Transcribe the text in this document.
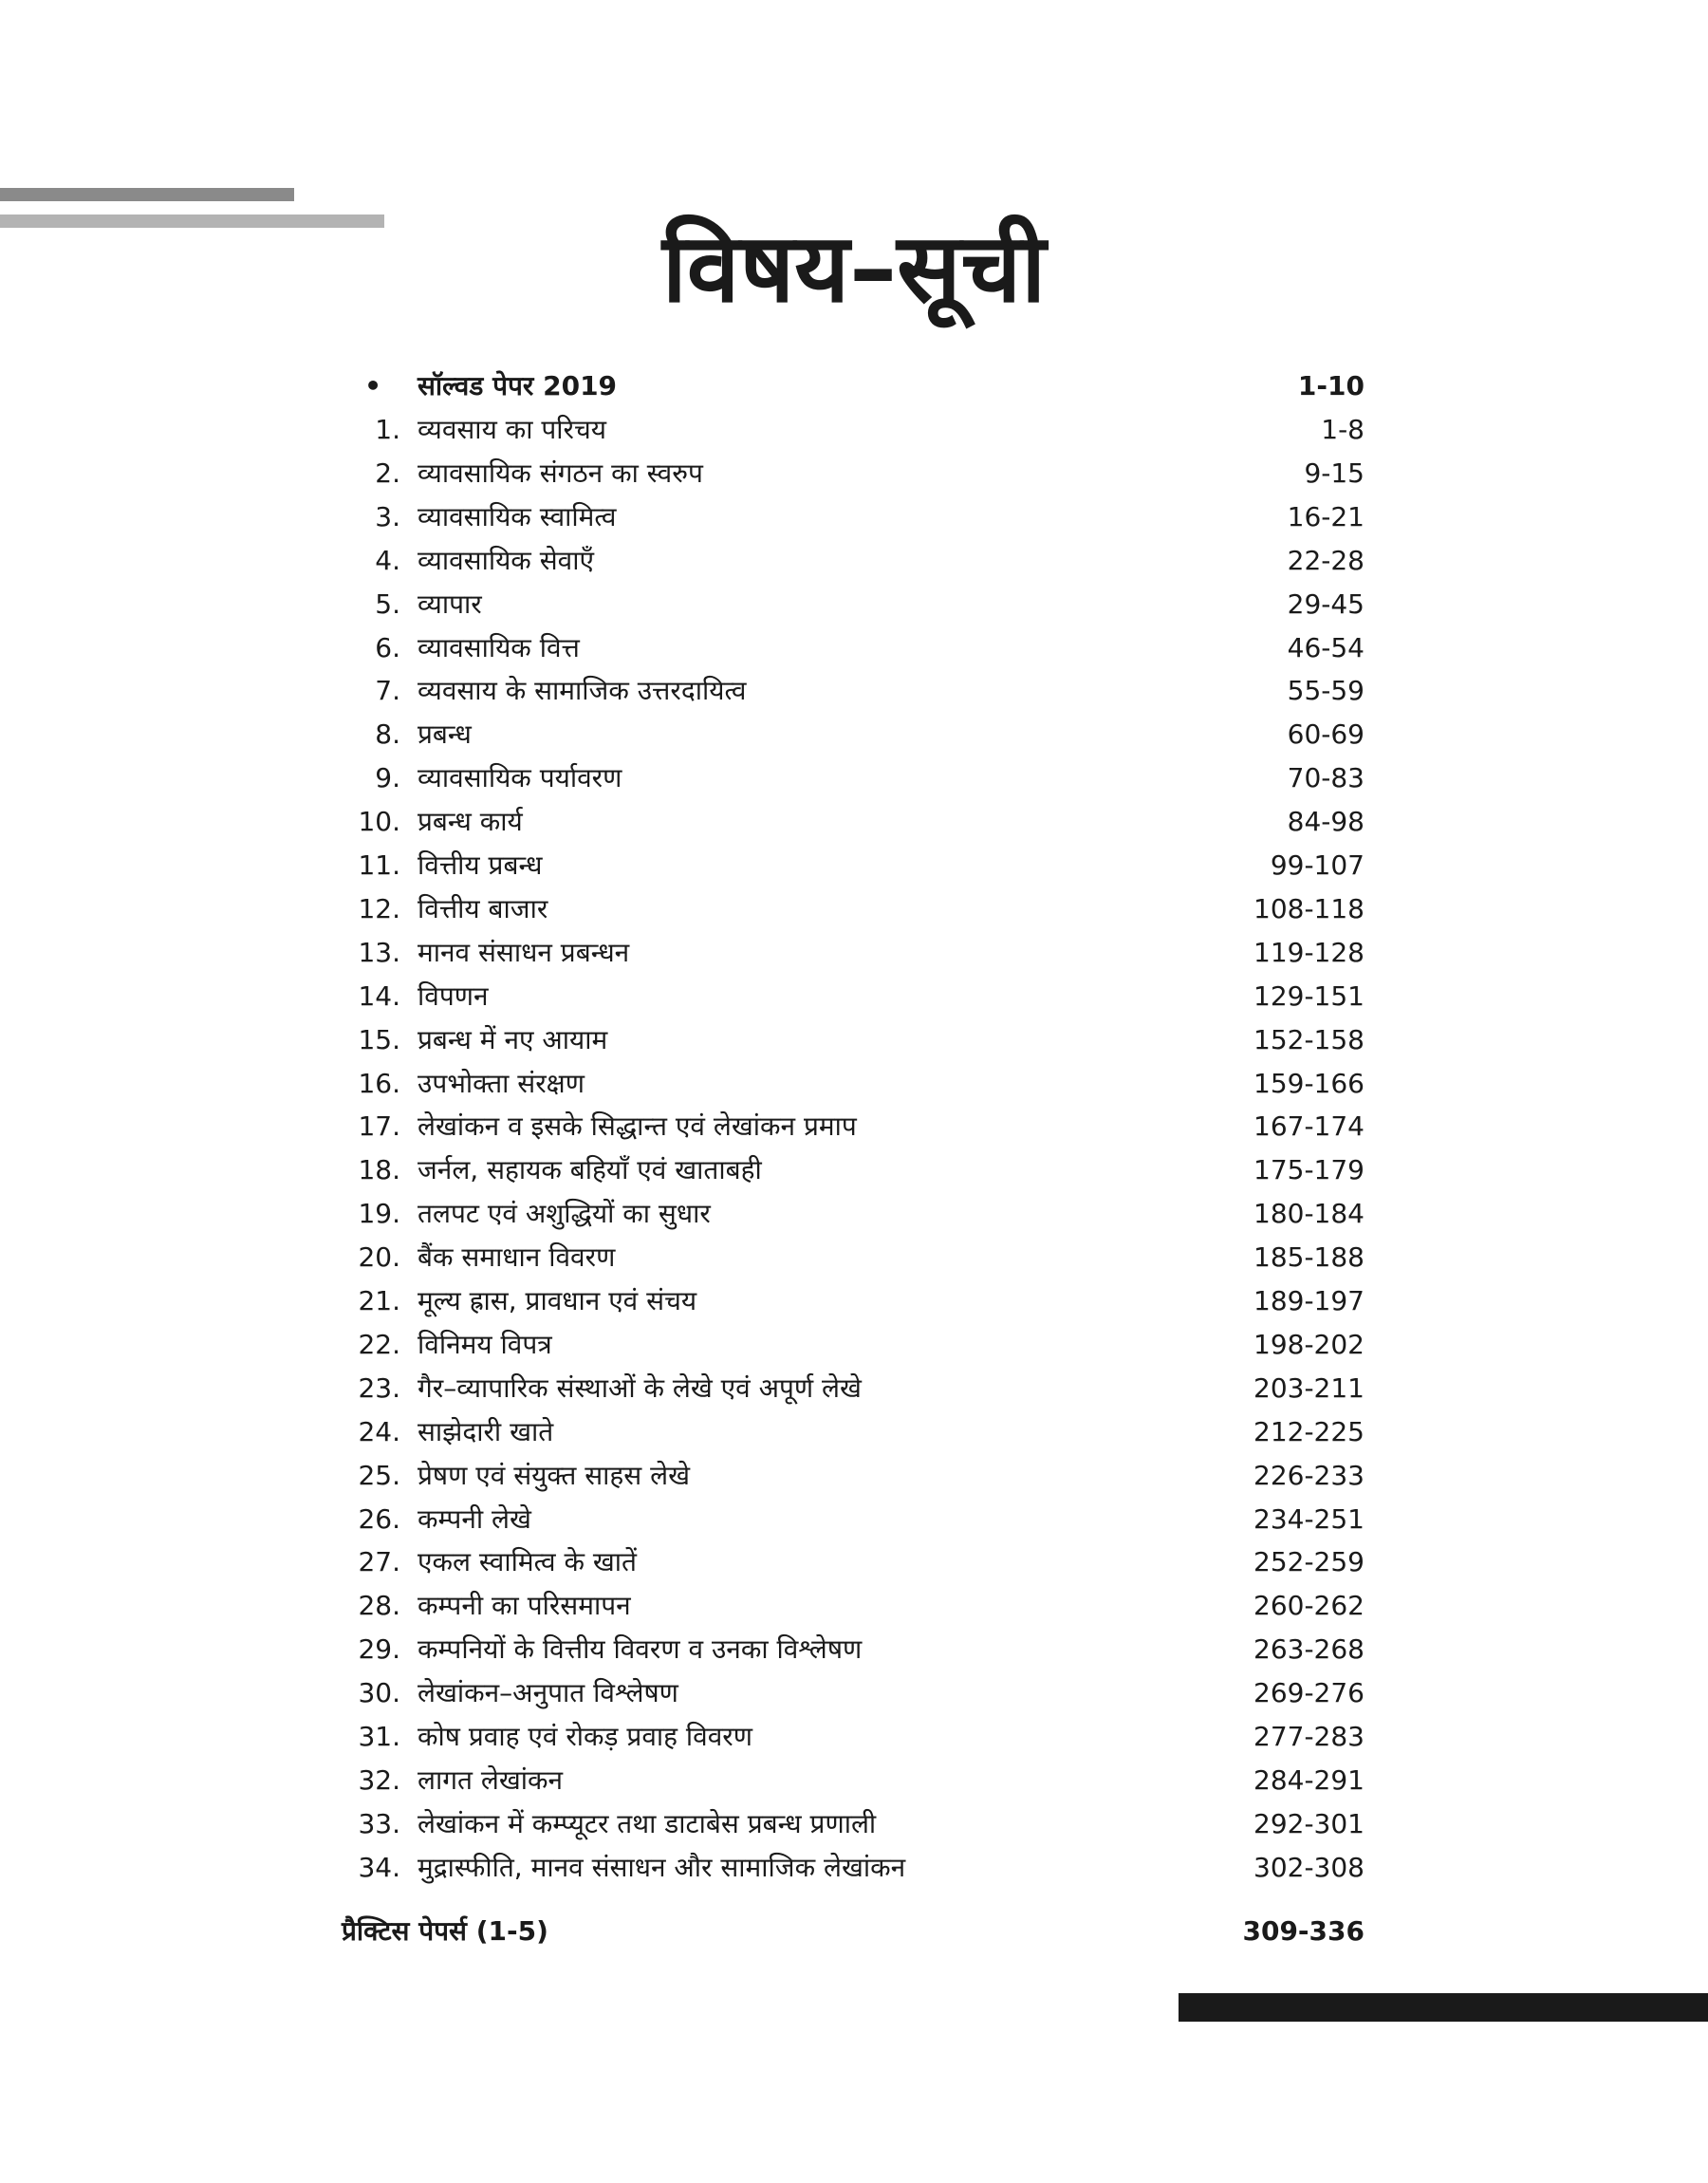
विषय–सूची
• सॉल्वड पेपर 2019	1-10
1. व्यवसाय का परिचय	1-8
2. व्यावसायिक संगठन का स्वरुप	9-15
3. व्यावसायिक स्वामित्व	16-21
4. व्यावसायिक सेवाएँ	22-28
5. व्यापार	29-45
6. व्यावसायिक वित्त	46-54
7. व्यवसाय के सामाजिक उत्तरदायित्व	55-59
8. प्रबन्ध	60-69
9. व्यावसायिक पर्यावरण	70-83
10. प्रबन्ध कार्य	84-98
11. वित्तीय प्रबन्ध	99-107
12. वित्तीय बाजार	108-118
13. मानव संसाधन प्रबन्धन	119-128
14. विपणन	129-151
15. प्रबन्ध में नए आयाम	152-158
16. उपभोक्ता संरक्षण	159-166
17. लेखांकन व इसके सिद्धान्त एवं लेखांकन प्रमाप	167-174
18. जर्नल, सहायक बहियाँ एवं खाताबही	175-179
19. तलपट एवं अशुद्धियों का सुधार	180-184
20. बैंक समाधान विवरण	185-188
21. मूल्य ह्रास, प्रावधान एवं संचय	189-197
22. विनिमय विपत्र	198-202
23. गैर–व्यापारिक संस्थाओं के लेखे एवं अपूर्ण लेखे	203-211
24. साझेदारी खाते	212-225
25. प्रेषण एवं संयुक्त साहस लेखे	226-233
26. कम्पनी लेखे	234-251
27. एकल स्वामित्व के खातें	252-259
28. कम्पनी का परिसमापन	260-262
29. कम्पनियों के वित्तीय विवरण व उनका विश्लेषण	263-268
30. लेखांकन–अनुपात विश्लेषण	269-276
31. कोष प्रवाह एवं रोकड़ प्रवाह विवरण	277-283
32. लागत लेखांकन	284-291
33. लेखांकन में कम्प्यूटर तथा डाटाबेस प्रबन्ध प्रणाली	292-301
34. मुद्रास्फीति, मानव संसाधन और सामाजिक लेखांकन	302-308
प्रैक्टिस पेपर्स (1-5)	309-336
